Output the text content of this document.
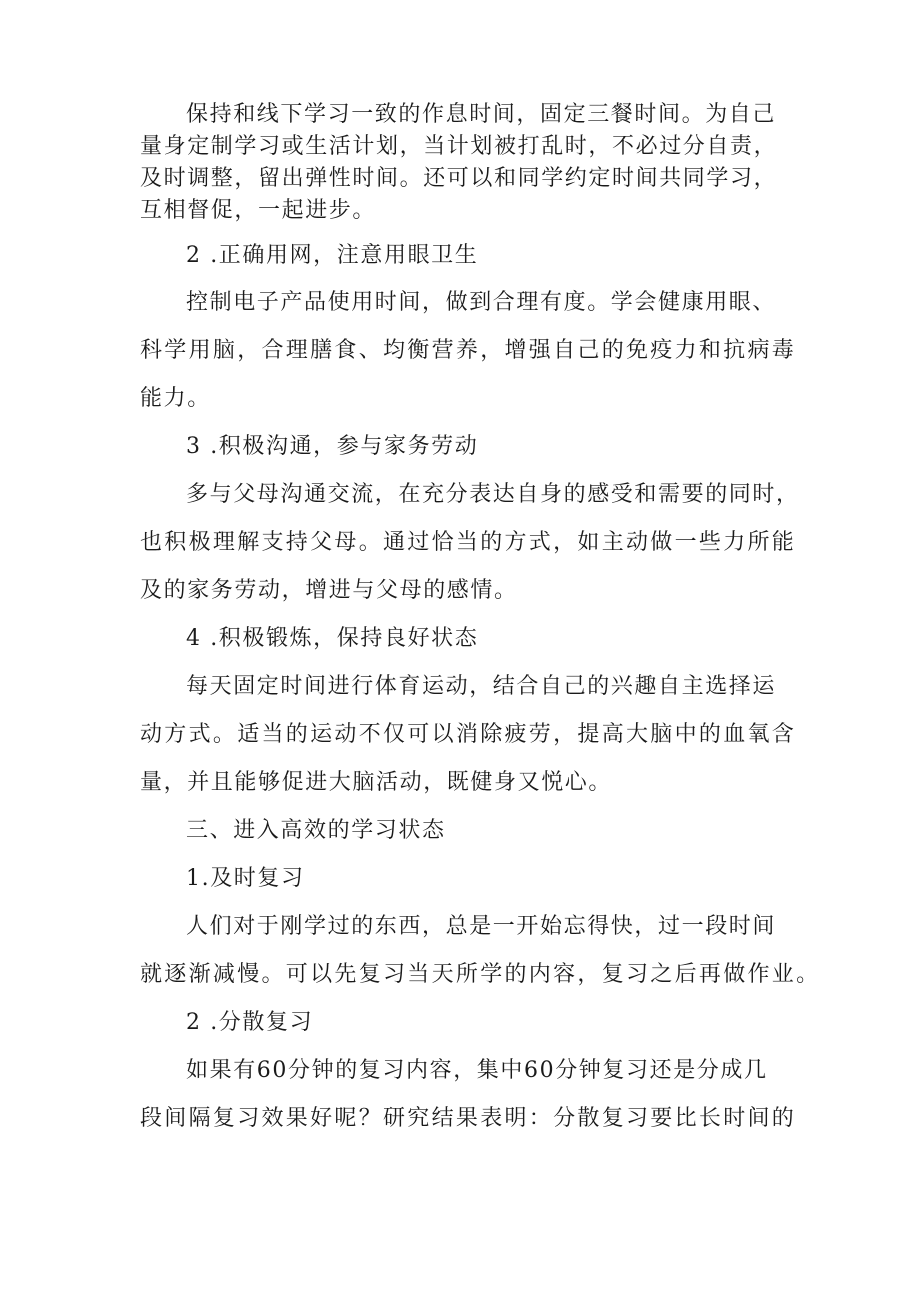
保持和线下学习一致的作息时间，固定三餐时间。为自己
量身定制学习或生活计划，当计划被打乱时，不必过分自责，
及时调整，留出弹性时间。还可以和同学约定时间共同学习，
互相督促，一起进步。
2 .正确用网，注意用眼卫生
控制电子产品使用时间，做到合理有度。学会健康用眼、
科学用脑，合理膳食、均衡营养，增强自己的免疫力和抗病毒
能力。
3 .积极沟通，参与家务劳动
多与父母沟通交流，在充分表达自身的感受和需要的同时，
也积极理解支持父母。通过恰当的方式，如主动做一些力所能
及的家务劳动，增进与父母的感情。
4 .积极锻炼，保持良好状态
每天固定时间进行体育运动，结合自己的兴趣自主选择运
动方式。适当的运动不仅可以消除疲劳，提高大脑中的血氧含
量，并且能够促进大脑活动，既健身又悦心。
三、进入高效的学习状态
1.及时复习
人们对于刚学过的东西，总是一开始忘得快，过一段时间
就逐渐减慢。可以先复习当天所学的内容，复习之后再做作业。
2 .分散复习
如果有60分钟的复习内容，集中60分钟复习还是分成几
段间隔复习效果好呢？研究结果表明：分散复习要比长时间的
